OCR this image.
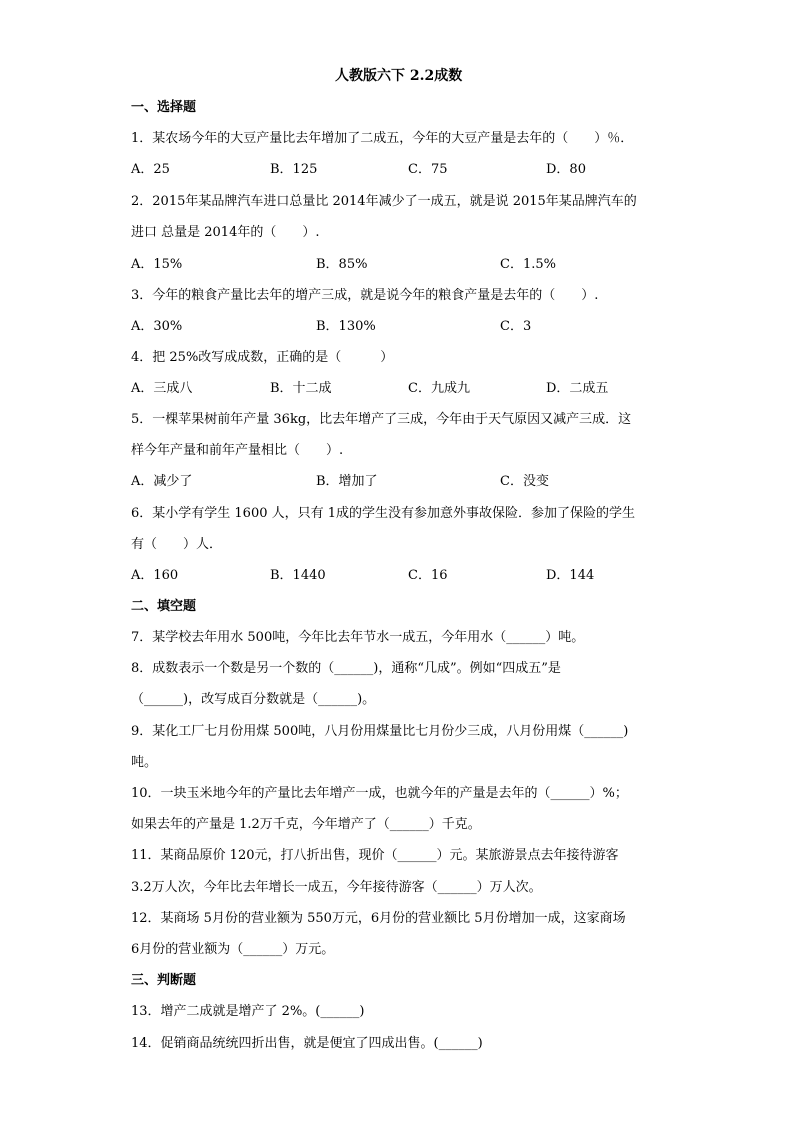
人教版六下 2.2成数
一、选择题
1．某农场今年的大豆产量比去年增加了二成五，今年的大豆产量是去年的（　　）％．
A．25	B．125	C．75	D．80
2．2015年某品牌汽车进口总量比 2014年减少了一成五，就是说 2015年某品牌汽车的
进口 总量是 2014年的（　　）.
A．15%	B．85%	C．1.5%
3．今年的粮食产量比去年的增产三成，就是说今年的粮食产量是去年的（　　）.
A．30%	B．130%	C．3
4．把 25%改写成成数，正确的是（　　　）
A．三成八	B．十二成	C．九成九	D．二成五
5．一棵苹果树前年产量 36kg，比去年增产了三成，今年由于天气原因又减产三成．这
样今年产量和前年产量相比（　　）.
A．减少了	B．增加了	C．没变
6．某小学有学生 1600 人，只有 1成的学生没有参加意外事故保险．参加了保险的学生
有（　　）人．
A．160	B．1440	C．16	D．144
二、填空题
7．某学校去年用水 500吨，今年比去年节水一成五，今年用水（______）吨。
8．成数表示一个数是另一个数的（______)，通称“几成”。例如“四成五”是
（______)，改写成百分数就是（______)。
9．某化工厂七月份用煤 500吨，八月份用煤量比七月份少三成，八月份用煤（______)
吨。
10．一块玉米地今年的产量比去年增产一成，也就今年的产量是去年的（______）%；
如果去年的产量是 1.2万千克，今年增产了（______）千克。
11．某商品原价 120元，打八折出售，现价（______）元。某旅游景点去年接待游客
3.2万人次，今年比去年增长一成五，今年接待游客（______）万人次。
12．某商场 5月份的营业额为 550万元，6月份的营业额比 5月份增加一成，这家商场
6月份的营业额为（______）万元。
三、判断题
13．增产二成就是增产了 2%。(______)
14．促销商品统统四折出售，就是便宜了四成出售。(______)
